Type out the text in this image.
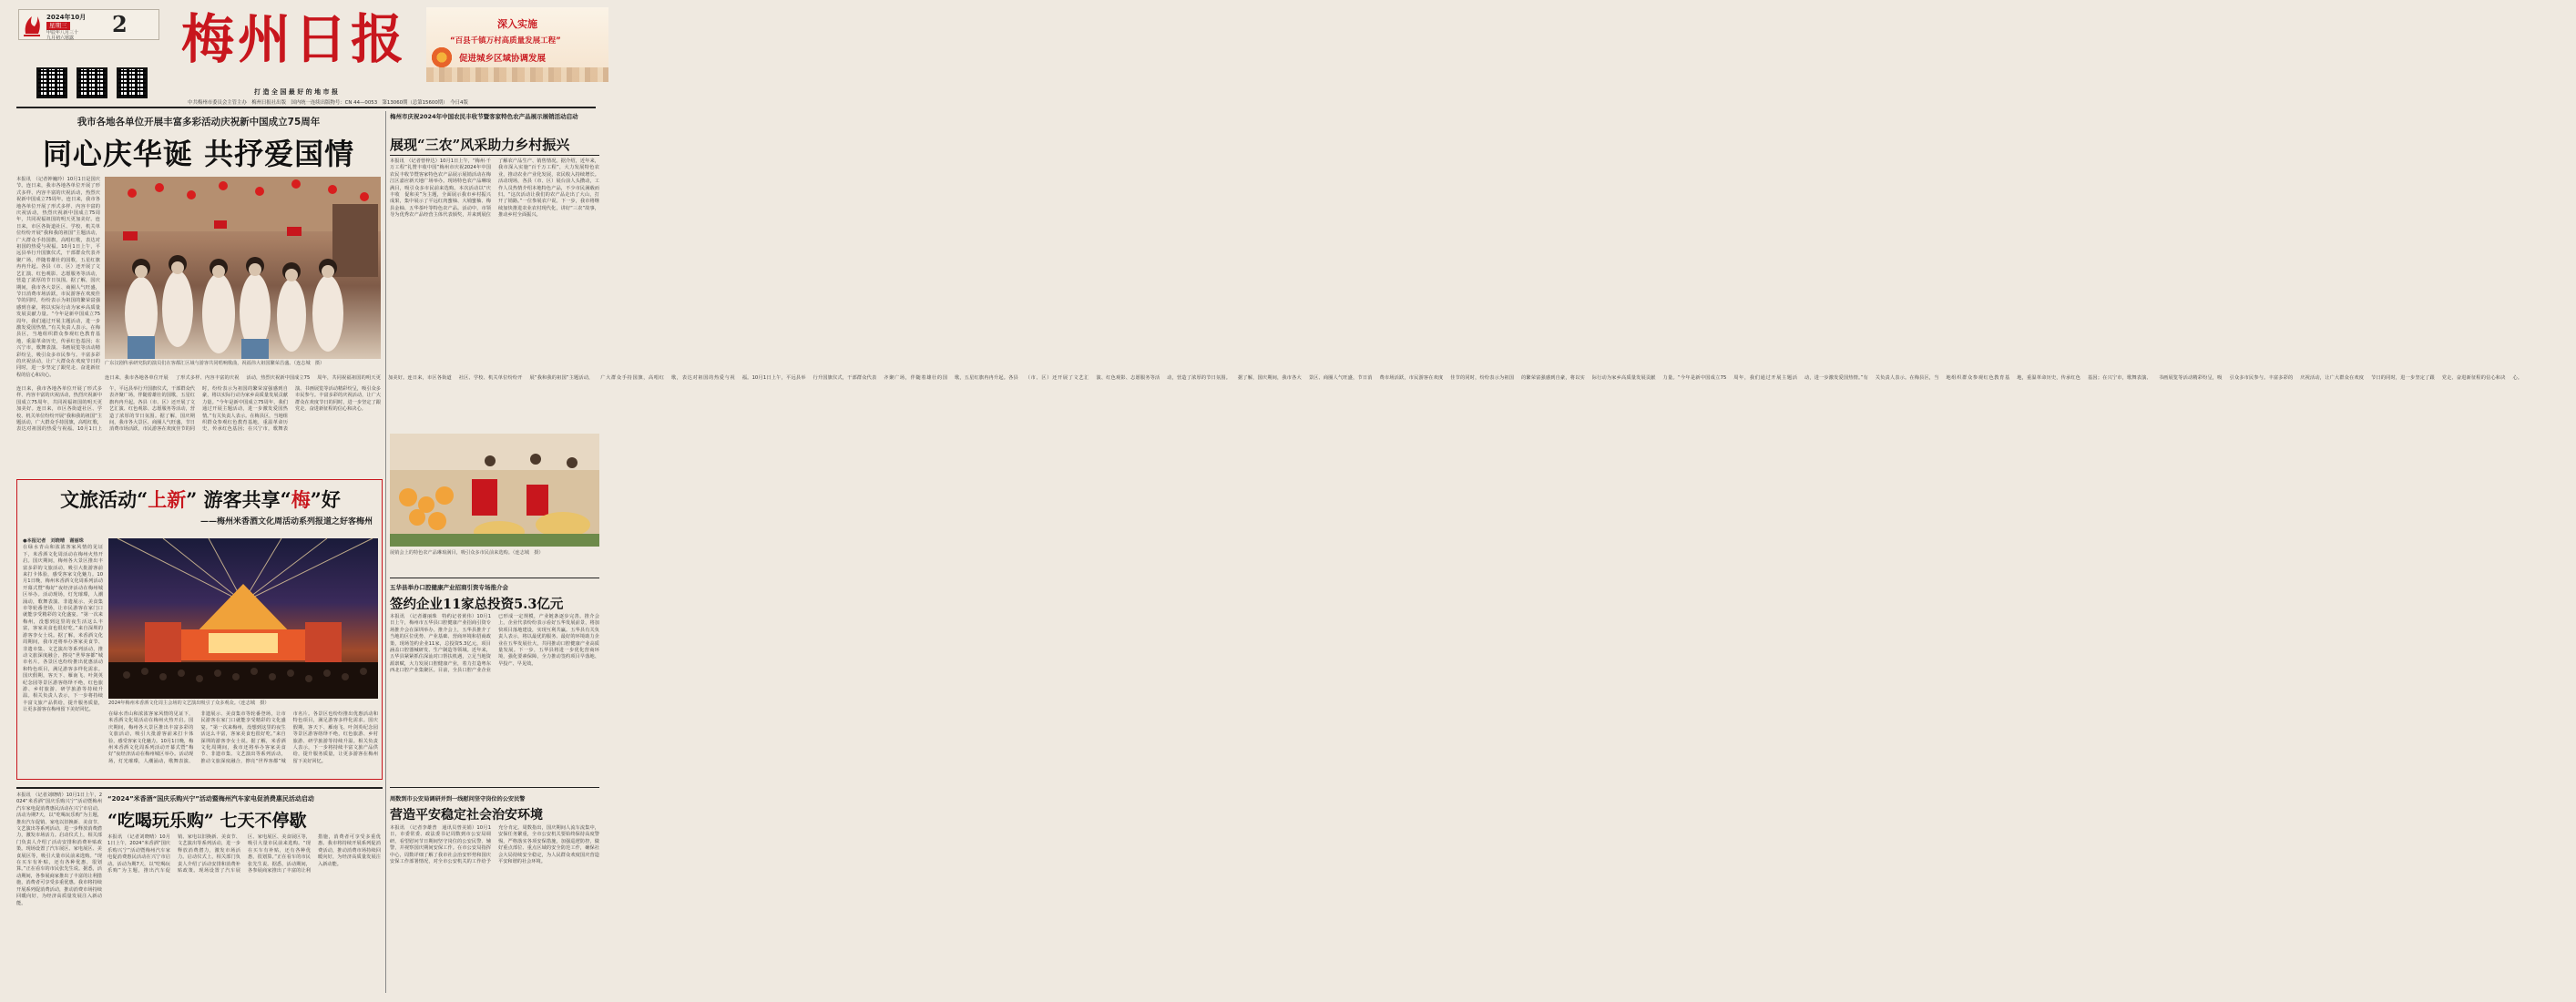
2024年10月
星期三 2
甲辰年八月三十
九月初六寒露 梅州日报
打 造 全 国 最 好 的 地 市 报
深入实施
“百县千镇万村高质量发展工程”
促进城乡区域协调发展
中共梅州市委员会主管主办　梅州日报社出版　国内统一连续出版物号：CN 44—0053　第13060期（总第15600期）　今日4版
我市各地各单位开展丰富多彩活动庆祝新中国成立75周年
同心庆华诞 共抒爱国情
本报讯　（记者钟巍玲）10月1日是国庆节。连日来，我市各地各单位开展了形式多样、内容丰富的庆祝活动，热烈庆祝新中国成立75周年。连日来，我市各地各单位开展了形式多样、内容丰富的庆祝活动，热烈庆祝新中国成立75周年，共同祝福祖国的明天更加美好。连日来，市区各街道社区、学校、机关单位纷纷开展“我和我的祖国”主题活动，广大群众手持国旗，高唱红歌，表达对祖国的热爱与祝福。10月1日上午，平远县举行升国旗仪式，干部群众代表齐聚广场，伴随着雄壮的国歌，五星红旗冉冉升起。各县（市、区）还开展了文艺汇演、红色观影、志愿服务等活动，营造了浓厚的节日氛围。据了解，国庆期间，我市各大景区、商圈人气旺盛，节日消费市场活跃，市民游客在欢度佳节的同时，纷纷表示为祖国的繁荣富强感到自豪，将以实际行动为家乡高质量发展贡献力量。“今年是新中国成立75周年，我们通过开展主题活动，进一步激发爱国热情。”有关负责人表示。在梅县区，当地组织群众参观红色教育基地，重温革命历史，传承红色基因；在兴宁市，歌舞表演、书画展览等活动精彩纷呈，吸引众多市民参与。丰富多彩的庆祝活动，让广大群众在欢度节日的同时，进一步坚定了跟党走、奋进新征程的信心和决心。
广东汉剧传承研究院的演员们在客都汇区域与游客共同唱响歌曲，祝福伟大祖国繁荣昌盛。（连志城　摄）
连日来，我市各地各单位开展了形式多样、内容丰富的庆祝活动，热烈庆祝新中国成立75周年，共同祝福祖国的明天更加美好。连日来，市区各街道社区、学校、机关单位纷纷开展“我和我的祖国”主题活动，广大群众手持国旗，高唱红歌，表达对祖国的热爱与祝福。10月1日上午，平远县举行升国旗仪式，干部群众代表齐聚广场，伴随着雄壮的国歌，五星红旗冉冉升起。各县（市、区）还开展了文艺汇演、红色观影、志愿服务等活动，营造了浓厚的节日氛围。据了解，国庆期间，我市各大景区、商圈人气旺盛，节日消费市场活跃，市民游客在欢度佳节的同时，纷纷表示为祖国的繁荣富强感到自豪，将以实际行动为家乡高质量发展贡献力量。“今年是新中国成立75周年，我们通过开展主题活动，进一步激发爱国热情。”有关负责人表示。在梅县区，当地组织群众参观红色教育基地，重温革命历史，传承红色基因；在兴宁市，歌舞表演、书画展览等活动精彩纷呈，吸引众多市民参与。丰富多彩的庆祝活动，让广大群众在欢度节日的同时，进一步坚定了跟党走、奋进新征程的信心和决心。
连日来，我市各地各单位开展了形式多样、内容丰富的庆祝活动，热烈庆祝新中国成立75周年，共同祝福祖国的明天更加美好。连日来，市区各街道社区、学校、机关单位纷纷开展“我和我的祖国”主题活动，广大群众手持国旗，高唱红歌，表达对祖国的热爱与祝福。10月1日上午，平远县举行升国旗仪式，干部群众代表齐聚广场，伴随着雄壮的国歌，五星红旗冉冉升起。各县（市、区）还开展了文艺汇演、红色观影、志愿服务等活动，营造了浓厚的节日氛围。据了解，国庆期间，我市各大景区、商圈人气旺盛，节日消费市场活跃，市民游客在欢度佳节的同时，纷纷表示为祖国的繁荣富强感到自豪，将以实际行动为家乡高质量发展贡献力量。“今年是新中国成立75周年，我们通过开展主题活动，进一步激发爱国热情。”有关负责人表示。在梅县区，当地组织群众参观红色教育基地，重温革命历史，传承红色基因；在兴宁市，歌舞表演、书画展览等活动精彩纷呈，吸引众多市民参与。丰富多彩的庆祝活动，让广大群众在欢度节日的同时，进一步坚定了跟党走、奋进新征程的信心和决心。
梅州市庆祝2024年中国农民丰收节暨客家特色农产品展示展销活动启动
展现“三农”风采助力乡村振兴
本报讯　（记者曾梓达）10月1日上午，“梅州·千万工程”礼赞丰收中国”梅州市庆祝2024年中国农民丰收节暨客家特色农产品展示展销活动在梅江区嘉应新天地广场举办。现场特色农产品琳琅满目，吸引众多市民前来选购。本次活动以“庆丰收　促和美”为主题，全面展示我市乡村振兴成果，集中展示了平远红肉蜜柚、大埔蜜柚、梅县金柚、五华茶叶等特色农产品。活动中，市领导为优秀农产品经营主体代表颁奖，并来到展位了解农产品生产、销售情况。据介绍，近年来，我市深入实施“百千万工程”，大力发展特色农业，推动农业产业化发展，农民收入持续增长。活动现场，各县（市、区）展台前人头攒动，工作人员热情介绍本地特色产品，不少市民满载而归。“这次活动让我们的农产品走出了大山，打开了销路。”一位参展农户说。下一步，我市将继续加快推进农业农村现代化，讲好“三农”故事，推动乡村全面振兴。
展销会上的特色农产品琳琅满目，吸引众多市民前来选购。（连志城　摄）
文旅活动“上新” 游客共享“梅”好
——梅州米香酒文化周活动系列报道之好客梅州
●本报记者　刘晓晴　谢丽珠
在绿水青山和浓浓客家风情的见证下，米香酒文化周活动在梅州火热开启。国庆期间，梅州各大景区推出丰富多彩的文旅活动，吸引大批游客前来打卡体验，感受客家文化魅力。10月1日晚，梅州米香酒文化周系列活动开幕式暨“梅好”夜经济活动在梅州城区举办。活动现场，灯光璀璨，人潮涌动，歌舞表演、非遗展示、美食集市等轮番登场，让市民游客在家门口就能享受精彩的文化盛宴。“第一次来梅州，没想到这里的夜生活这么丰富，客家美食也很好吃。”来自深圳的游客李女士说。据了解，米香酒文化周期间，我市还将举办客家美食节、非遗市集、文艺演出等系列活动，推动文旅深度融合，擦亮“世界客都”城市名片。各景区也纷纷推出优惠活动和特色项目，满足游客多样化需求。国庆假期，客天下、雁南飞、叶剑英纪念园等景区游客络绎不绝，红色旅游、乡村旅游、研学旅游等持续升温。相关负责人表示，下一步将持续丰富文旅产品供给，提升服务质量，让更多游客在梅州留下美好回忆。
2024年梅州米香酒文化周主会场的文艺演出吸引了众多观众。（连志城　摄）
在绿水青山和浓浓客家风情的见证下，米香酒文化周活动在梅州火热开启。国庆期间，梅州各大景区推出丰富多彩的文旅活动，吸引大批游客前来打卡体验，感受客家文化魅力。10月1日晚，梅州米香酒文化周系列活动开幕式暨“梅好”夜经济活动在梅州城区举办。活动现场，灯光璀璨，人潮涌动，歌舞表演、非遗展示、美食集市等轮番登场，让市民游客在家门口就能享受精彩的文化盛宴。“第一次来梅州，没想到这里的夜生活这么丰富，客家美食也很好吃。”来自深圳的游客李女士说。据了解，米香酒文化周期间，我市还将举办客家美食节、非遗市集、文艺演出等系列活动，推动文旅深度融合，擦亮“世界客都”城市名片。各景区也纷纷推出优惠活动和特色项目，满足游客多样化需求。国庆假期，客天下、雁南飞、叶剑英纪念园等景区游客络绎不绝，红色旅游、乡村旅游、研学旅游等持续升温。相关负责人表示，下一步将持续丰富文旅产品供给，提升服务质量，让更多游客在梅州留下美好回忆。
五华县举办口腔健康产业招商引资专场推介会
签约企业11家总投资5.3亿元
本报讯　（记者谢丽珠　特约记者黄伟）10月1日上午，梅州市五华县口腔健康产业招商引资专场推介会在深圳举办。推介会上，五华县推介了当地的区位优势、产业基础、营商环境和招商政策，现场签约企业11家，总投资5.3亿元，项目涵盖口腔器械研发、生产制造等领域。近年来，五华县紧紧抓住深汕对口帮扶机遇，立足当地资源禀赋，大力发展口腔健康产业，着力打造粤东西北口腔产业集聚区。目前，全县口腔产业企业已形成一定规模，产业链条逐步完善。推介会上，企业代表纷纷表示看好五华发展前景，将加快项目落地建设，实现互利共赢。五华县有关负责人表示，将以最优的服务、最好的环境助力企业在五华发展壮大，共同推动口腔健康产业高质量发展。下一步，五华县将进一步优化营商环境，强化要素保障，全力推动签约项目早落地、早投产、早见效。
本报讯　（记者刘晓晴）10月1日上午，2024“米香酒”国庆乐购兴宁”活动暨梅州汽车家电促消费惠民活动在兴宁市启动。活动为期7天，以“吃喝玩乐购”为主题，推出汽车促销、家电以旧换新、美食节、文艺演出等系列活动，进一步释放消费潜力，激发市场活力。启动仪式上，相关部门负责人介绍了活动安排和消费补贴政策。现场设置了汽车展区、家电展区、美食展区等，吸引大量市民前来选购。“现在买车有补贴，还有各种优惠，很划算。”正在看车的市民张先生说。据悉，活动期间，各参展商家推出了丰富的让利措施，消费者可享受多重优惠。我市将持续开展系列促消费活动，推动消费市场持续回暖向好，为经济高质量发展注入新动能。
“2024”米香酒“国庆乐购兴宁”活动暨梅州汽车家电促消费惠民活动启动
“吃喝玩乐购” 七天不停歇
本报讯　（记者刘晓晴）10月1日上午，2024“米香酒”国庆乐购兴宁”活动暨梅州汽车家电促消费惠民活动在兴宁市启动。活动为期7天，以“吃喝玩乐购”为主题，推出汽车促销、家电以旧换新、美食节、文艺演出等系列活动，进一步释放消费潜力，激发市场活力。启动仪式上，相关部门负责人介绍了活动安排和消费补贴政策。现场设置了汽车展区、家电展区、美食展区等，吸引大量市民前来选购。“现在买车有补贴，还有各种优惠，很划算。”正在看车的市民张先生说。据悉，活动期间，各参展商家推出了丰富的让利措施，消费者可享受多重优惠。我市将持续开展系列促消费活动，推动消费市场持续回暖向好，为经济高质量发展注入新动能。
周数到市公安局调研并到一线慰问坚守岗位的公安民警
营造平安稳定社会治安环境
本报讯　（记者李雄普　通讯员曾美娟）10月1日，市委常委、政法委书记周数到市公安局调研，看望慰问节日期间坚守岗位的公安民警、辅警，并视察国庆期间安保工作。在市公安局指挥中心，周数详细了解了我市社会治安形势和国庆安保工作部署情况，对全市公安机关的工作给予充分肯定。周数指出，国庆期间人流车流集中，安保任务繁重，全市公安机关要始终保持高度警惕，严格落实各项安保措施，加强巡逻防控，做好重点部位、重点区域的安全防范工作，确保社会大局持续安全稳定，为人民群众欢度国庆营造平安和谐的社会环境。
